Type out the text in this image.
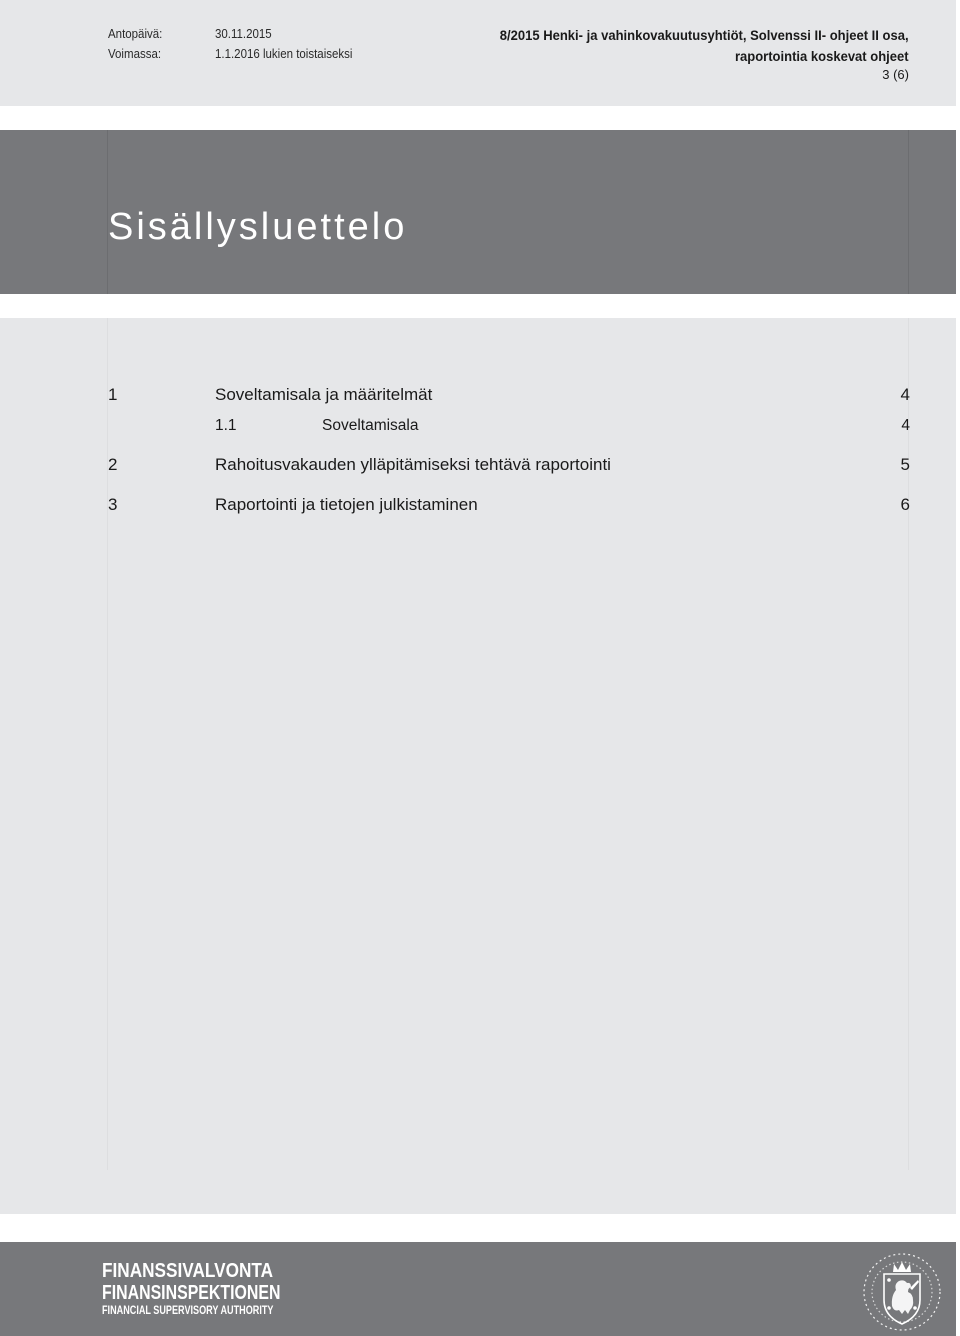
Antopäivä:	30.11.2015
Voimassa:	1.1.2016 lukien toistaiseksi
8/2015 Henki- ja vahinkovakuutusyhtiöt, Solvenssi II- ohjeet II osa,
raportointia koskevat ohjeet
3 (6)
Sisällysluettelo
1	Soveltamisala ja määritelmät	4
1.1	Soveltamisala	4
2	Rahoitusvakauden ylläpitämiseksi tehtävä raportointi	5
3	Raportointi ja tietojen julkistaminen	6
FINANSSIVALVONTA
FINANSINSPEKTIONEN
FINANCIAL SUPERVISORY AUTHORITY
